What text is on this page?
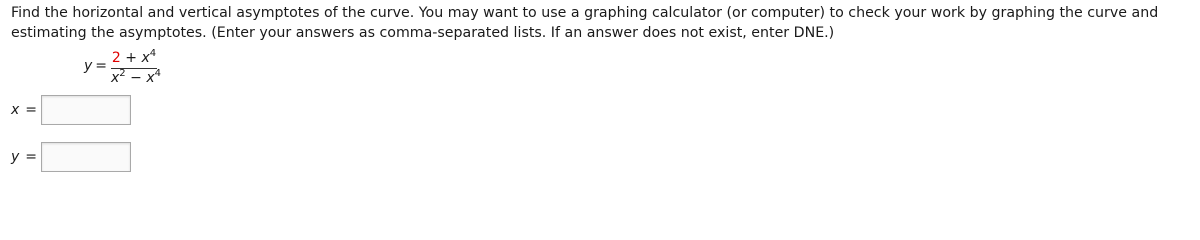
Find the horizontal and vertical asymptotes of the curve. You may want to use a graphing calculator (or computer) to check your work by graphing the curve and estimating the asymptotes. (Enter your answers as comma-separated lists. If an answer does not exist, enter DNE.)

$y = 2 + x^4$
$x^2 - x^4$
x =
y =
